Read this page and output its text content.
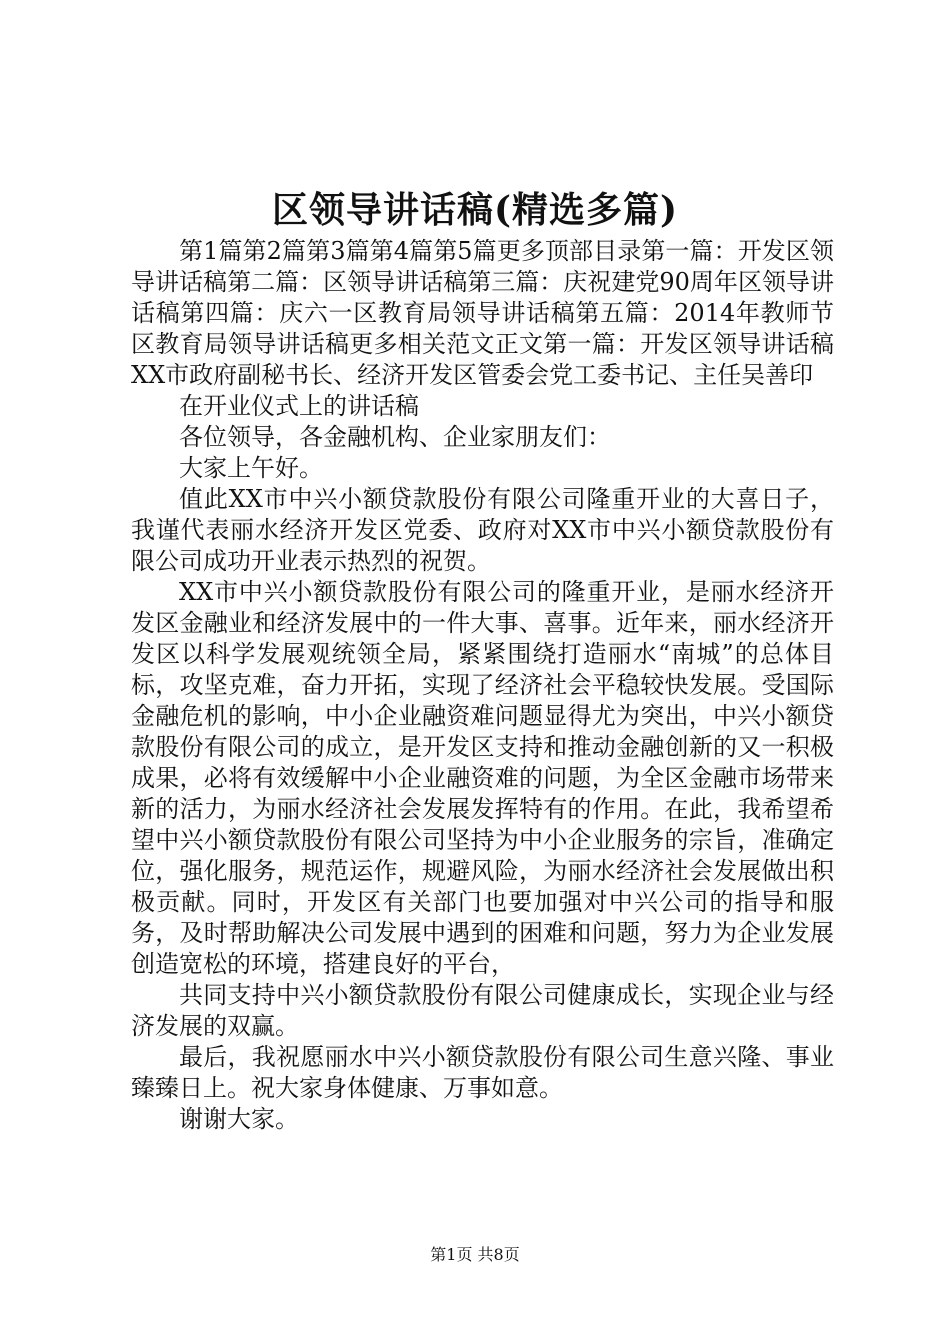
区领导讲话稿(精选多篇)

第1篇第2篇第3篇第4篇第5篇更多顶部目录第一篇：开发区领导讲话稿第二篇：区领导讲话稿第三篇：庆祝建党90周年区领导讲话稿第四篇：庆六一区教育局领导讲话稿第五篇：2014年教师节区教育局领导讲话稿更多相关范文正文第一篇：开发区领导讲话稿XX市政府副秘书长、经济开发区管委会党工委书记、主任吴善印

在开业仪式上的讲话稿

各位领导，各金融机构、企业家朋友们：

大家上午好。

值此XX市中兴小额贷款股份有限公司隆重开业的大喜日子，我谨代表丽水经济开发区党委、政府对XX市中兴小额贷款股份有限公司成功开业表示热烈的祝贺。

XX市中兴小额贷款股份有限公司的隆重开业，是丽水经济开发区金融业和经济发展中的一件大事、喜事。近年来，丽水经济开发区以科学发展观统领全局，紧紧围绕打造丽水“南城”的总体目标，攻坚克难，奋力开拓，实现了经济社会平稳较快发展。受国际金融危机的影响，中小企业融资难问题显得尤为突出，中兴小额贷款股份有限公司的成立，是开发区支持和推动金融创新的又一积极成果，必将有效缓解中小企业融资难的问题，为全区金融市场带来新的活力，为丽水经济社会发展发挥特有的作用。在此，我希望希望中兴小额贷款股份有限公司坚持为中小企业服务的宗旨，准确定位，强化服务，规范运作，规避风险，为丽水经济社会发展做出积极贡献。同时，开发区有关部门也要加强对中兴公司的指导和服务，及时帮助解决公司发展中遇到的困难和问题，努力为企业发展创造宽松的环境，搭建良好的平台，

共同支持中兴小额贷款股份有限公司健康成长，实现企业与经济发展的双赢。

最后，我祝愿丽水中兴小额贷款股份有限公司生意兴隆、事业臻臻日上。祝大家身体健康、万事如意。

谢谢大家。

第1页 共8页
